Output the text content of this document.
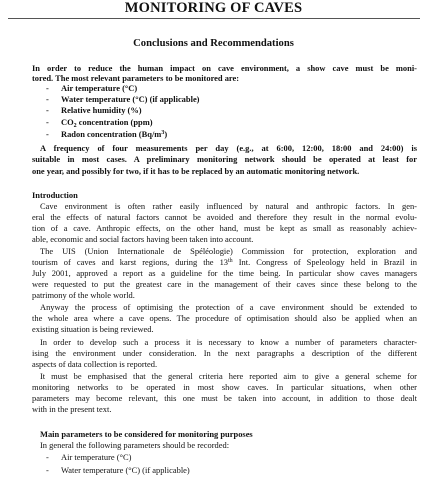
MONITORING OF CAVES
Conclusions and Recommendations
In order to reduce the human impact on cave environment, a show cave must be moni-
tored. The most relevant parameters to be monitored are:
- Air temperature (°C)
- Water temperature (°C) (if applicable)
- Relative humidity (%)
- $CO_2$ concentration (ppm)
- Radon concentration $(Bq/m^3)$
A frequency of four measurements per day (e.g., at 6:00, 12:00, 18:00 and 24:00) is
suitable in most cases. A preliminary monitoring network should be operated at least for
one year, and possibly for two, if it has to be replaced by an automatic monitoring network.
Introduction
Cave environment is often rather easily influenced by natural and anthropic factors. In gen-
eral the effects of natural factors cannot be avoided and therefore they result in the normal evolu-
tion of a cave. Anthropic effects, on the other hand, must be kept as small as reasonably achiev-
able, economic and social factors having been taken into account.
The UIS (Union Internationale de Spéléologie) Commission for protection, exploration and
tourism of caves and karst regions, during the 13th Int. Congress of Speleology held in Brazil in
July 2001, approved a report as a guideline for the time being. In particular show caves managers
were requested to put the greatest care in the management of their caves since these belong to the
patrimony of the whole world.
Anyway the process of optimising the protection of a cave environment should be extended to
the whole area where a cave opens. The procedure of optimisation should also be applied when an
existing situation is being reviewed.
In order to develop such a process it is necessary to know a number of parameters character-
ising the environment under consideration. In the next paragraphs a description of the different
aspects of data collection is reported.
It must be emphasised that the general criteria here reported aim to give a general scheme for
monitoring networks to be operated in most show caves. In particular situations, when other
parameters may become relevant, this one must be taken into account, in addition to those dealt
with in the present text.
Main parameters to be considered for monitoring purposes
In general the following parameters should be recorded:
- Air temperature (°C)
- Water temperature (°C) (if applicable)
